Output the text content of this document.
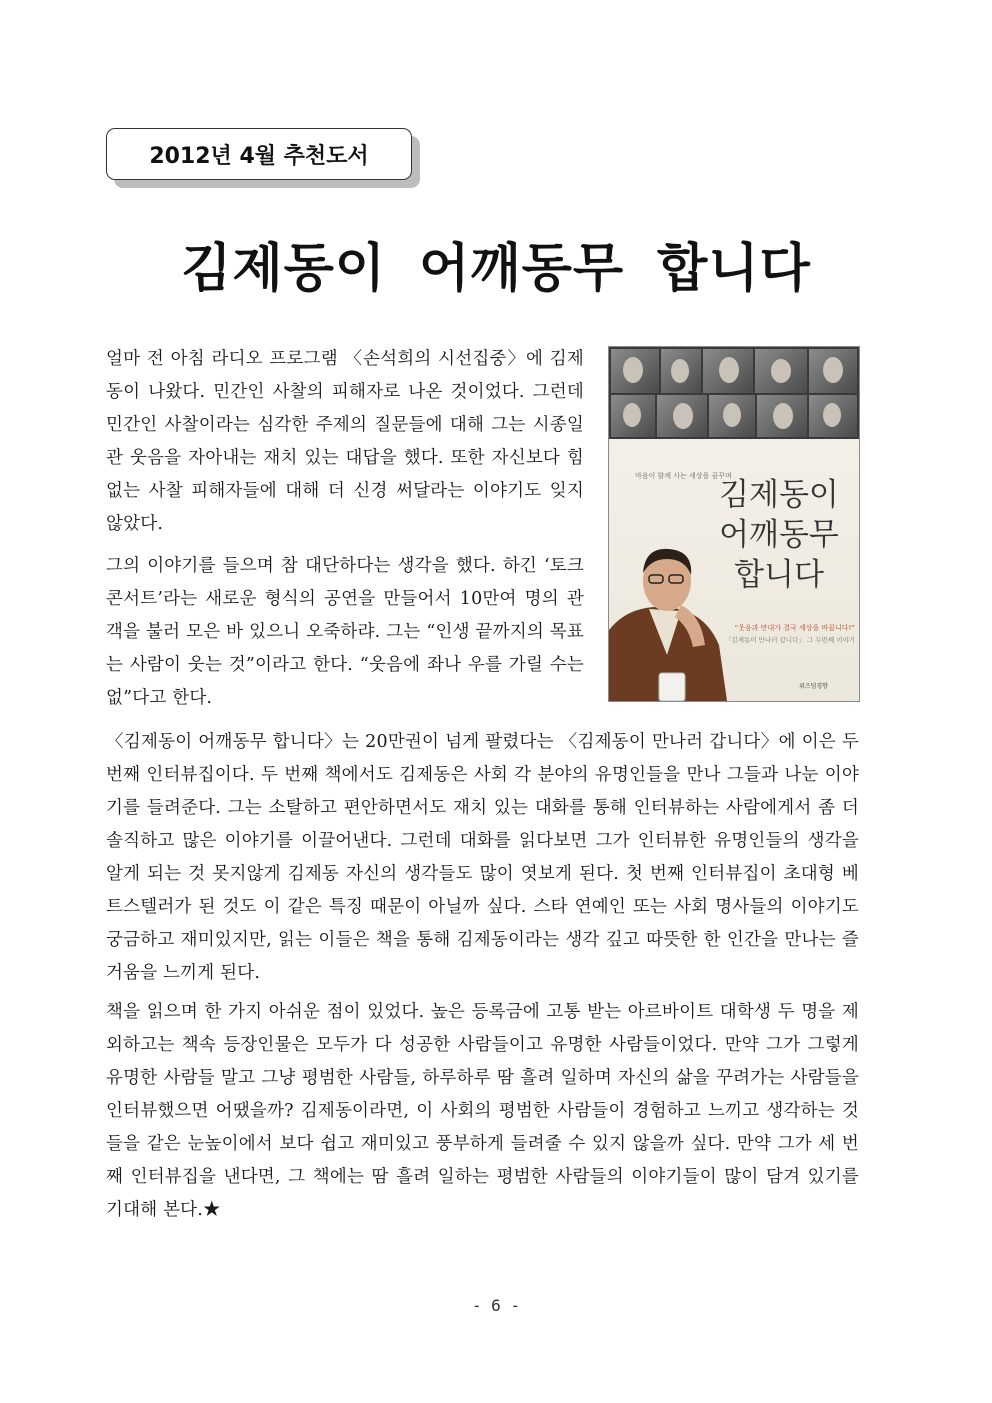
2012년 4월 추천도서
김제동이 어깨동무 합니다

얼마 전 아침 라디오 프로그램 〈손석희의 시선집중〉에 김제동이 나왔다. 민간인 사찰의 피해자로 나온 것이었다. 그런데 민간인 사찰이라는 심각한 주제의 질문들에 대해 그는 시종일관 웃음을 자아내는 재치 있는 대답을 했다. 또한 자신보다 힘없는 사찰 피해자들에 대해 더 신경 써달라는 이야기도 잊지 않았다.

그의 이야기를 들으며 참 대단하다는 생각을 했다. 하긴 ‘토크콘서트’라는 새로운 형식의 공연을 만들어서 10만여 명의 관객을 불러 모은 바 있으니 오죽하랴. 그는 “인생 끝까지의 목표는 사람이 웃는 것”이라고 한다. “웃음에 좌나 우를 가릴 수는 없”다고 한다.

〈김제동이 어깨동무 합니다〉는 20만권이 넘게 팔렸다는 〈김제동이 만나러 갑니다〉에 이은 두 번째 인터뷰집이다. 두 번째 책에서도 김제동은 사회 각 분야의 유명인들을 만나 그들과 나눈 이야기를 들려준다. 그는 소탈하고 편안하면서도 재치 있는 대화를 통해 인터뷰하는 사람에게서 좀 더 솔직하고 많은 이야기를 이끌어낸다. 그런데 대화를 읽다보면 그가 인터뷰한 유명인들의 생각을 알게 되는 것 못지않게 김제동 자신의 생각들도 많이 엿보게 된다. 첫 번째 인터뷰집이 초대형 베트스텔러가 된 것도 이 같은 특징 때문이 아닐까 싶다. 스타 연예인 또는 사회 명사들의 이야기도 궁금하고 재미있지만, 읽는 이들은 책을 통해 김제동이라는 생각 깊고 따뜻한 한 인간을 만나는 즐거움을 느끼게 된다.

책을 읽으며 한 가지 아쉬운 점이 있었다. 높은 등록금에 고통 받는 아르바이트 대학생 두 명을 제외하고는 책속 등장인물은 모두가 다 성공한 사람들이고 유명한 사람들이었다. 만약 그가 그렇게 유명한 사람들 말고 그냥 평범한 사람들, 하루하루 땀 흘려 일하며 자신의 삶을 꾸려가는 사람들을 인터뷰했으면 어땠을까? 김제동이라면, 이 사회의 평범한 사람들이 경험하고 느끼고 생각하는 것들을 같은 눈높이에서 보다 쉽고 재미있고 풍부하게 들려줄 수 있지 않을까 싶다. 만약 그가 세 번째 인터뷰집을 낸다면, 그 책에는 땀 흘려 일하는 평범한 사람들의 이야기들이 많이 담겨 있기를 기대해 본다.★

마음이 함께 사는 세상을 꿈꾸며
김제동이
어깨동무
합니다
“웃음과 만대가 결국 세상을 바꿉니다!”
「김제동이 만나러 갑니다」 그 두번째 이야기
위즈덤경향
- 6 -
